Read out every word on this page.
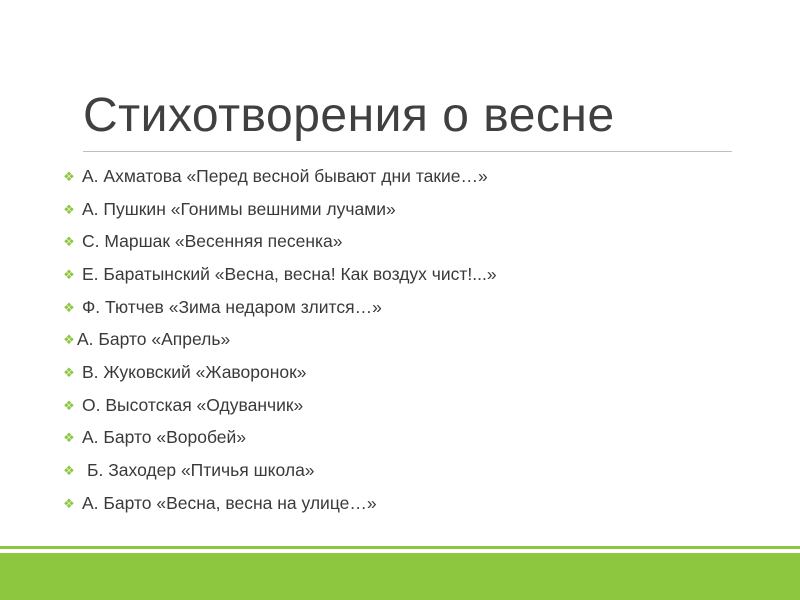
Стихотворения о весне
❖ А. Ахматова «Перед весной бывают дни такие…»
❖ А. Пушкин «Гонимы вешними лучами»
❖ С. Маршак «Весенняя песенка»
❖ Е. Баратынский «Весна, весна! Как воздух чист!...»
❖ Ф. Тютчев «Зима недаром злится…»
❖ А. Барто «Апрель»
❖ В. Жуковский «Жаворонок»
❖ О. Высотская «Одуванчик»
❖ А. Барто «Воробей»
❖ Б. Заходер «Птичья школа»
❖ А. Барто «Весна, весна на улице…»
